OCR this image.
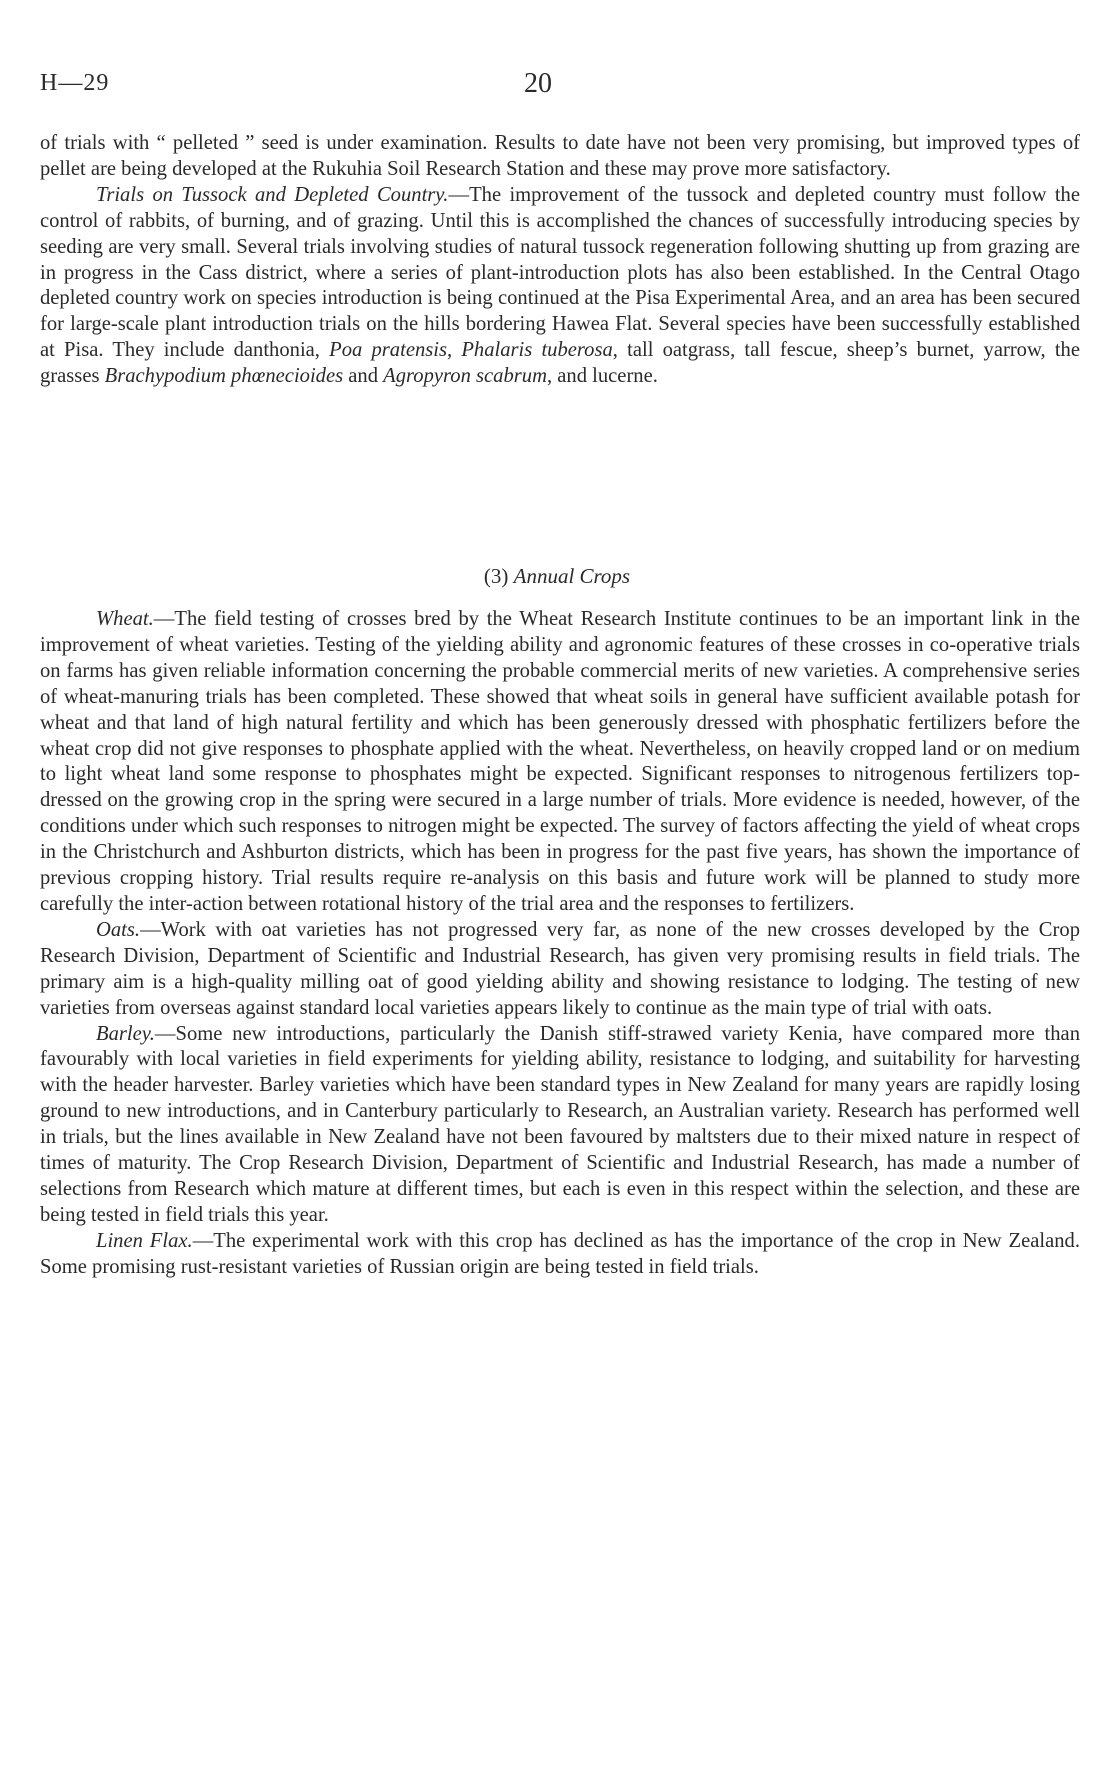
H—29	20

of trials with “ pelleted ” seed is under examination. Results to date have not been very promising, but improved types of pellet are being developed at the Rukuhia Soil Research Station and these may prove more satisfactory.

Trials on Tussock and Depleted Country.—The improvement of the tussock and depleted country must follow the control of rabbits, of burning, and of grazing. Until this is accomplished the chances of successfully introducing species by seeding are very small. Several trials involving studies of natural tussock regeneration following shutting up from grazing are in progress in the Cass district, where a series of plant-introduction plots has also been established. In the Central Otago depleted country work on species introduction is being continued at the Pisa Experimental Area, and an area has been secured for large-scale plant introduction trials on the hills bordering Hawea Flat. Several species have been successfully established at Pisa. They include danthonia, Poa pratensis, Phalaris tuberosa, tall oatgrass, tall fescue, sheep’s burnet, yarrow, the grasses Brachypodium phœnecioides and Agropyron scabrum, and lucerne.

(3) Annual Crops

Wheat.—The field testing of crosses bred by the Wheat Research Institute continues to be an important link in the improvement of wheat varieties. Testing of the yielding ability and agronomic features of these crosses in co-operative trials on farms has given reliable information concerning the probable commercial merits of new varieties. A comprehensive series of wheat-manuring trials has been completed. These showed that wheat soils in general have sufficient available potash for wheat and that land of high natural fertility and which has been generously dressed with phosphatic fertilizers before the wheat crop did not give responses to phosphate applied with the wheat. Nevertheless, on heavily cropped land or on medium to light wheat land some response to phosphates might be expected. Significant responses to nitrogenous fertilizers top-dressed on the growing crop in the spring were secured in a large number of trials. More evidence is needed, however, of the conditions under which such responses to nitrogen might be expected. The survey of factors affecting the yield of wheat crops in the Christchurch and Ashburton districts, which has been in progress for the past five years, has shown the importance of previous cropping history. Trial results require re-analysis on this basis and future work will be planned to study more carefully the inter-action between rotational history of the trial area and the responses to fertilizers.

Oats.—Work with oat varieties has not progressed very far, as none of the new crosses developed by the Crop Research Division, Department of Scientific and Industrial Research, has given very promising results in field trials. The primary aim is a high-quality milling oat of good yielding ability and showing resistance to lodging. The testing of new varieties from overseas against standard local varieties appears likely to continue as the main type of trial with oats.

Barley.—Some new introductions, particularly the Danish stiff-strawed variety Kenia, have compared more than favourably with local varieties in field experiments for yielding ability, resistance to lodging, and suitability for harvesting with the header harvester. Barley varieties which have been standard types in New Zealand for many years are rapidly losing ground to new introductions, and in Canterbury particularly to Research, an Australian variety. Research has performed well in trials, but the lines available in New Zealand have not been favoured by maltsters due to their mixed nature in respect of times of maturity. The Crop Research Division, Department of Scientific and Industrial Research, has made a number of selections from Research which mature at different times, but each is even in this respect within the selection, and these are being tested in field trials this year.

Linen Flax.—The experimental work with this crop has declined as has the importance of the crop in New Zealand. Some promising rust-resistant varieties of Russian origin are being tested in field trials.
